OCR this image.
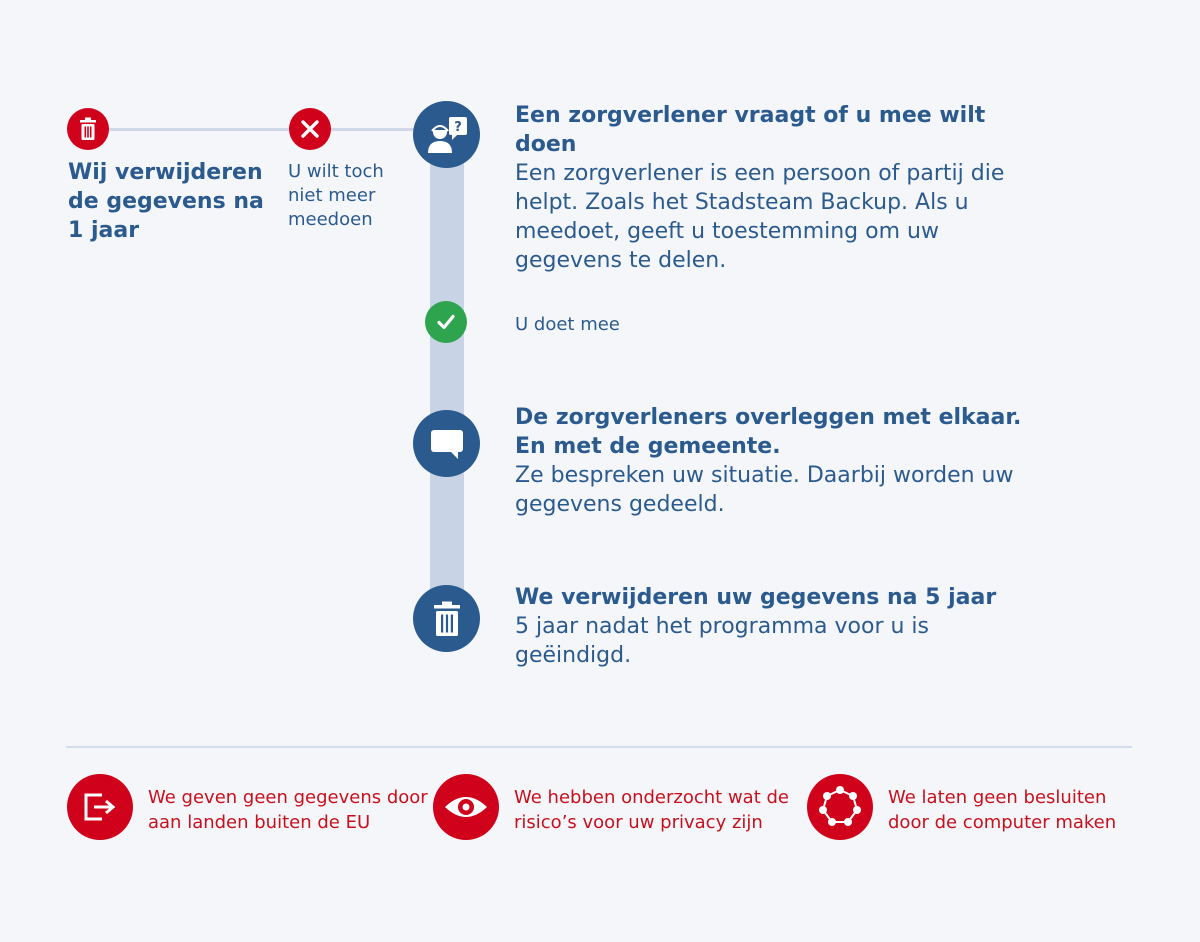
?
Wij verwijderen de gegevens na 1 jaar
U wilt toch niet meer meedoen
Een zorgverlener vraagt of u mee wilt doen
Een zorgverlener is een persoon of partij die helpt. Zoals het Stadsteam Backup. Als u meedoet, geeft u toestemming om uw gegevens te delen.
U doet mee
De zorgverleners overleggen met elkaar. En met de gemeente.
Ze bespreken uw situatie. Daarbij worden uw gegevens gedeeld.
We verwijderen uw gegevens na 5 jaar
5 jaar nadat het programma voor u is geëindigd.
We geven geen gegevens door aan landen buiten de EU
We hebben onderzocht wat de risico’s voor uw privacy zijn
We laten geen besluiten door de computer maken
